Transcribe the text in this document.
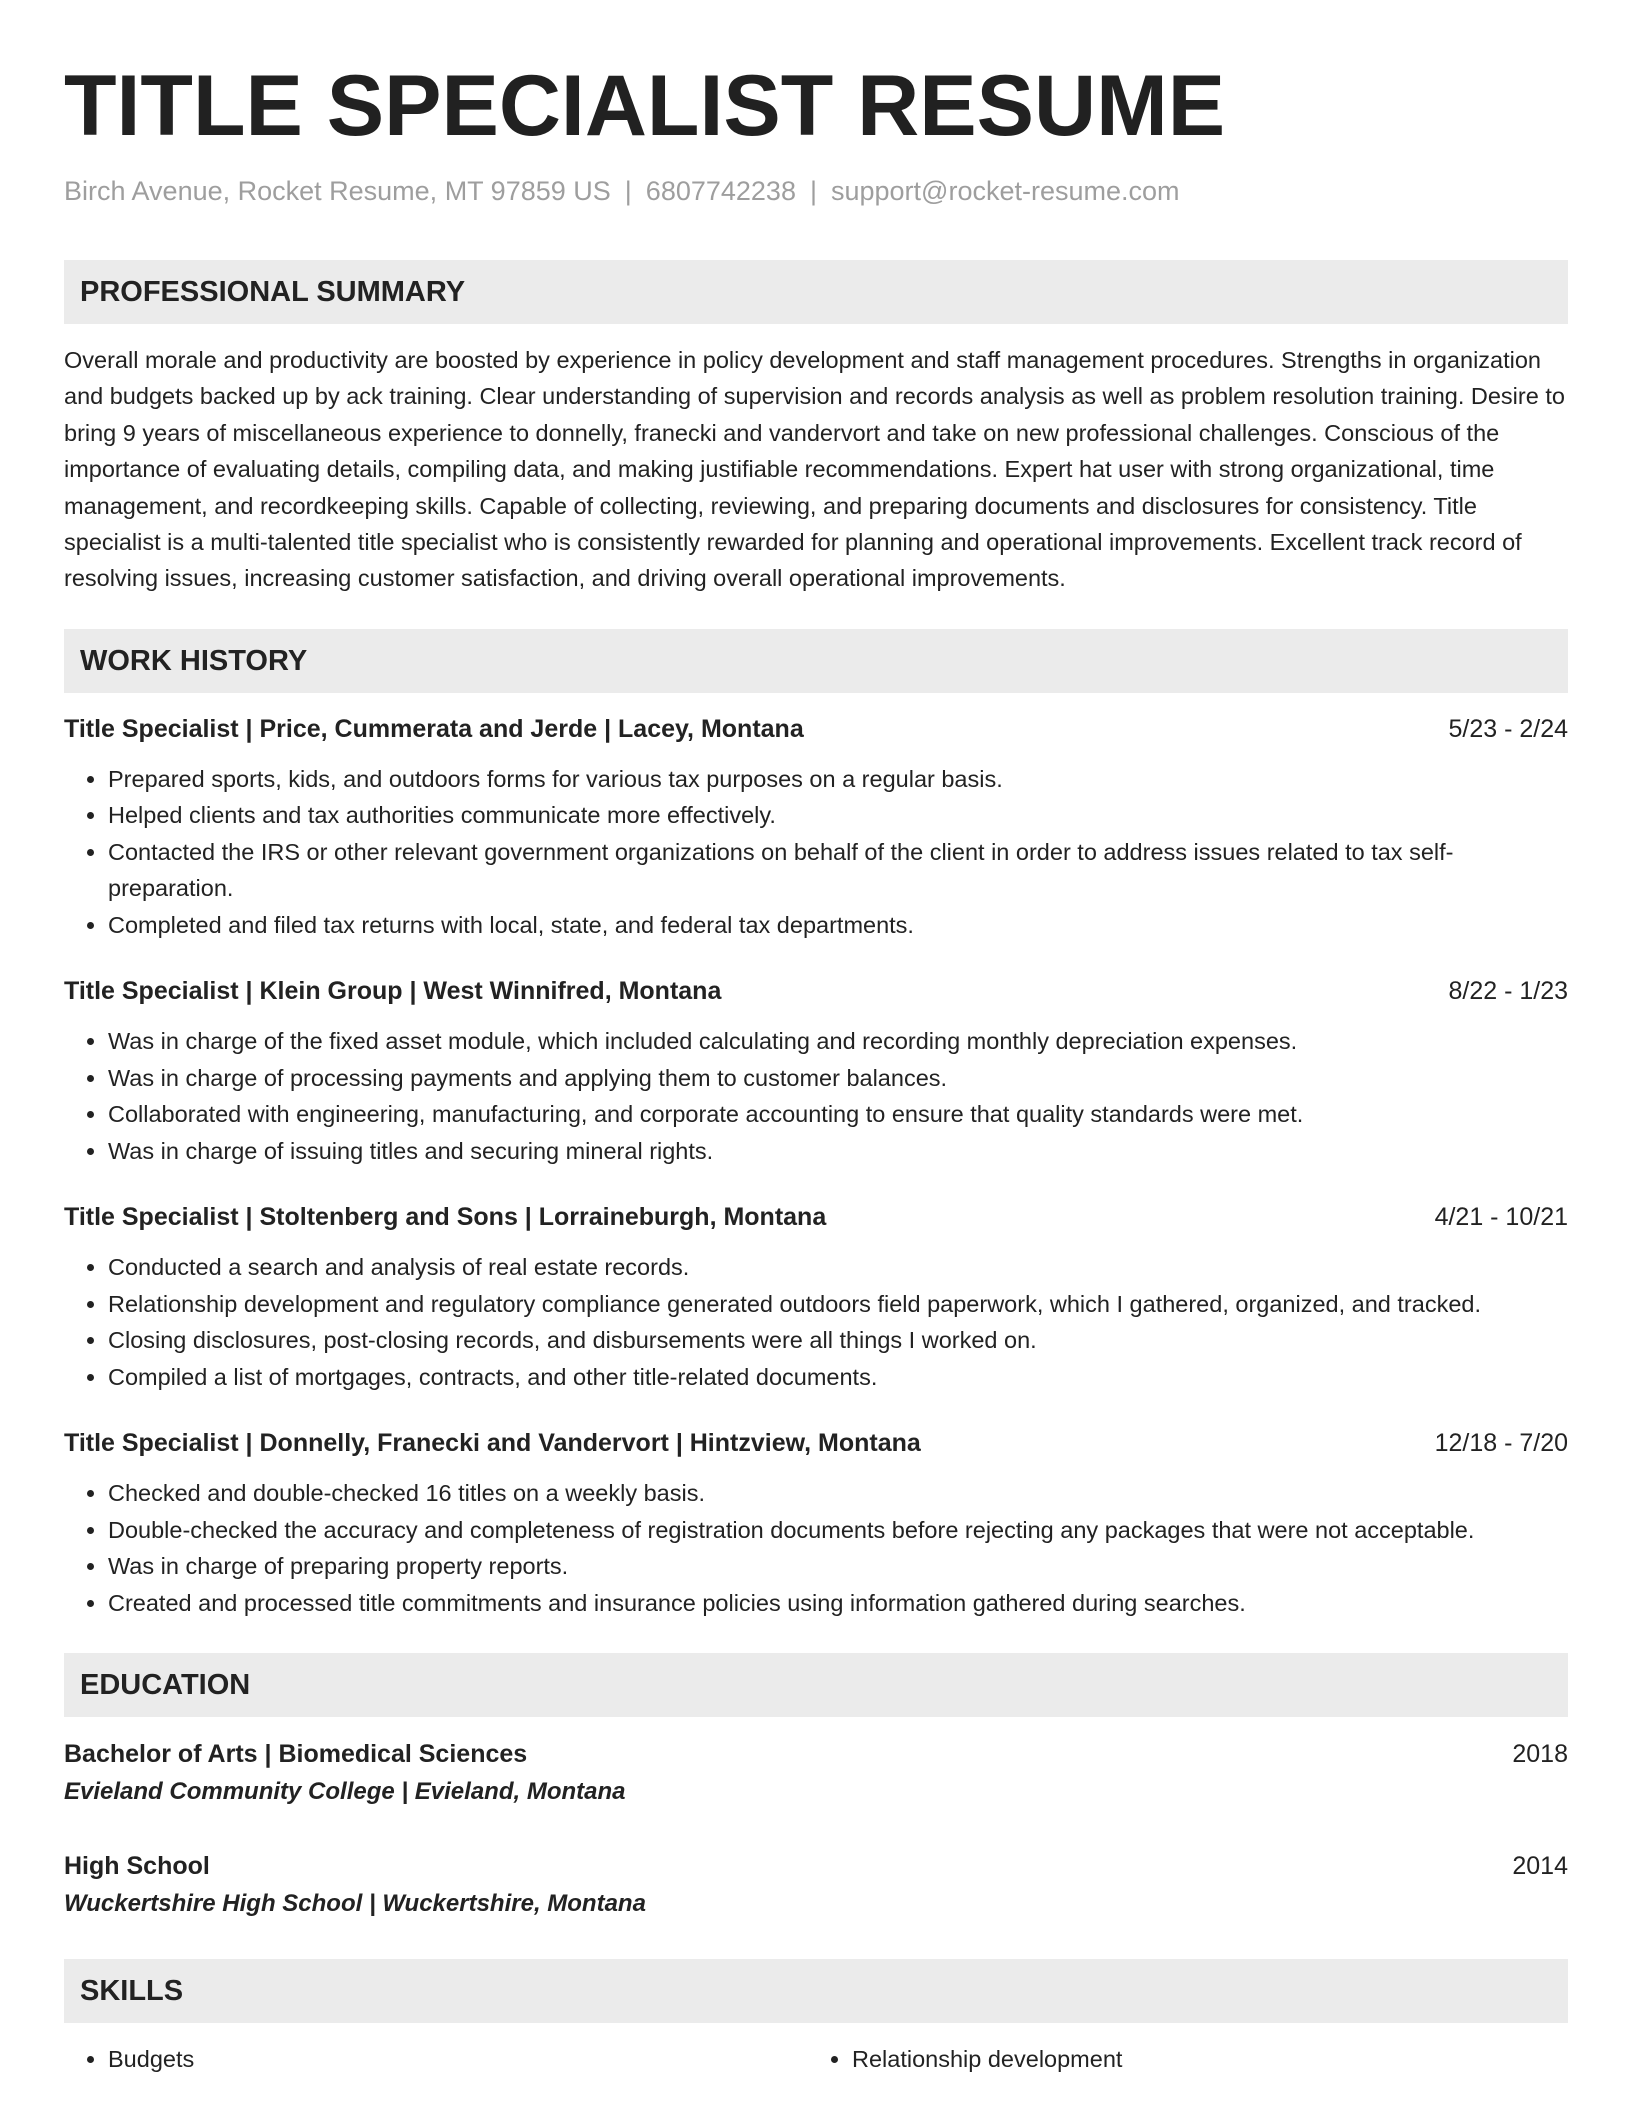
TITLE SPECIALIST RESUME
Birch Avenue, Rocket Resume, MT 97859 US | 6807742238 | support@rocket-resume.com
PROFESSIONAL SUMMARY
Overall morale and productivity are boosted by experience in policy development and staff management procedures. Strengths in organization and budgets backed up by ack training. Clear understanding of supervision and records analysis as well as problem resolution training. Desire to bring 9 years of miscellaneous experience to donnelly, franecki and vandervort and take on new professional challenges. Conscious of the importance of evaluating details, compiling data, and making justifiable recommendations. Expert hat user with strong organizational, time management, and recordkeeping skills. Capable of collecting, reviewing, and preparing documents and disclosures for consistency. Title specialist is a multi-talented title specialist who is consistently rewarded for planning and operational improvements. Excellent track record of resolving issues, increasing customer satisfaction, and driving overall operational improvements.
WORK HISTORY
Title Specialist | Price, Cummerata and Jerde | Lacey, Montana	5/23 - 2/24
• Prepared sports, kids, and outdoors forms for various tax purposes on a regular basis.
• Helped clients and tax authorities communicate more effectively.
• Contacted the IRS or other relevant government organizations on behalf of the client in order to address issues related to tax self-preparation.
• Completed and filed tax returns with local, state, and federal tax departments.
Title Specialist | Klein Group | West Winnifred, Montana	8/22 - 1/23
• Was in charge of the fixed asset module, which included calculating and recording monthly depreciation expenses.
• Was in charge of processing payments and applying them to customer balances.
• Collaborated with engineering, manufacturing, and corporate accounting to ensure that quality standards were met.
• Was in charge of issuing titles and securing mineral rights.
Title Specialist | Stoltenberg and Sons | Lorraineburgh, Montana	4/21 - 10/21
• Conducted a search and analysis of real estate records.
• Relationship development and regulatory compliance generated outdoors field paperwork, which I gathered, organized, and tracked.
• Closing disclosures, post-closing records, and disbursements were all things I worked on.
• Compiled a list of mortgages, contracts, and other title-related documents.
Title Specialist | Donnelly, Franecki and Vandervort | Hintzview, Montana	12/18 - 7/20
• Checked and double-checked 16 titles on a weekly basis.
• Double-checked the accuracy and completeness of registration documents before rejecting any packages that were not acceptable.
• Was in charge of preparing property reports.
• Created and processed title commitments and insurance policies using information gathered during searches.
EDUCATION
Bachelor of Arts | Biomedical Sciences	2018
Evieland Community College | Evieland, Montana
High School	2014
Wuckertshire High School | Wuckertshire, Montana
SKILLS
• Budgets
•	Relationship development
